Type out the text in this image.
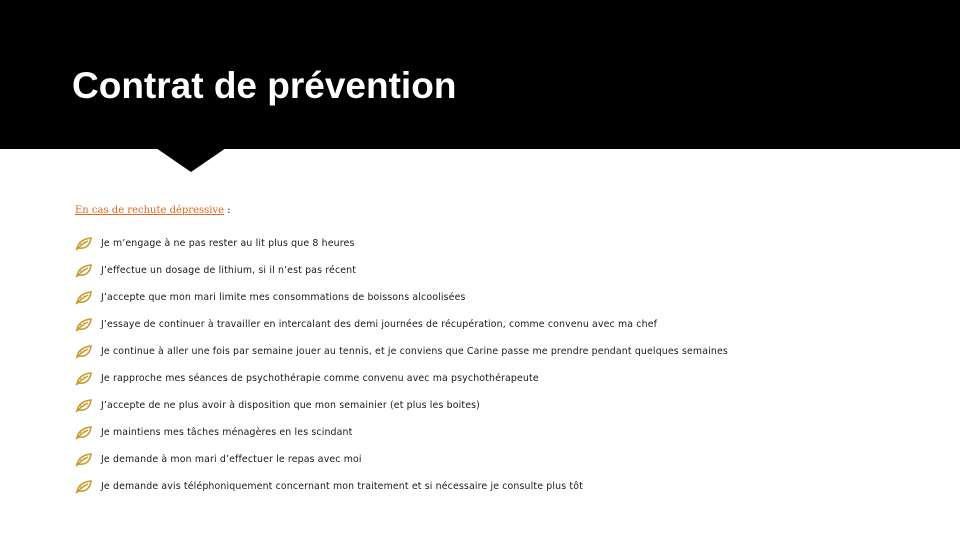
Contrat de prévention
En cas de rechute dépressive :
Je m’engage à ne pas rester au lit plus que 8 heures
J’effectue un dosage de lithium, si il n’est pas récent
J’accepte que mon mari limite mes consommations de boissons alcoolisées
J’essaye de continuer à travailler en intercalant des demi journées de récupération, comme convenu avec ma chef
Je continue à aller une fois par semaine jouer au tennis, et je conviens que Carine passe me prendre pendant quelques semaines
Je rapproche mes séances de psychothérapie comme convenu avec ma psychothérapeute
J’accepte de ne plus avoir à disposition que mon semainier (et plus les boites)
Je maintiens mes tâches ménagères en les scindant
Je demande à mon mari d’effectuer le repas avec moi
Je demande avis téléphoniquement concernant mon traitement et si nécessaire je consulte plus tôt
